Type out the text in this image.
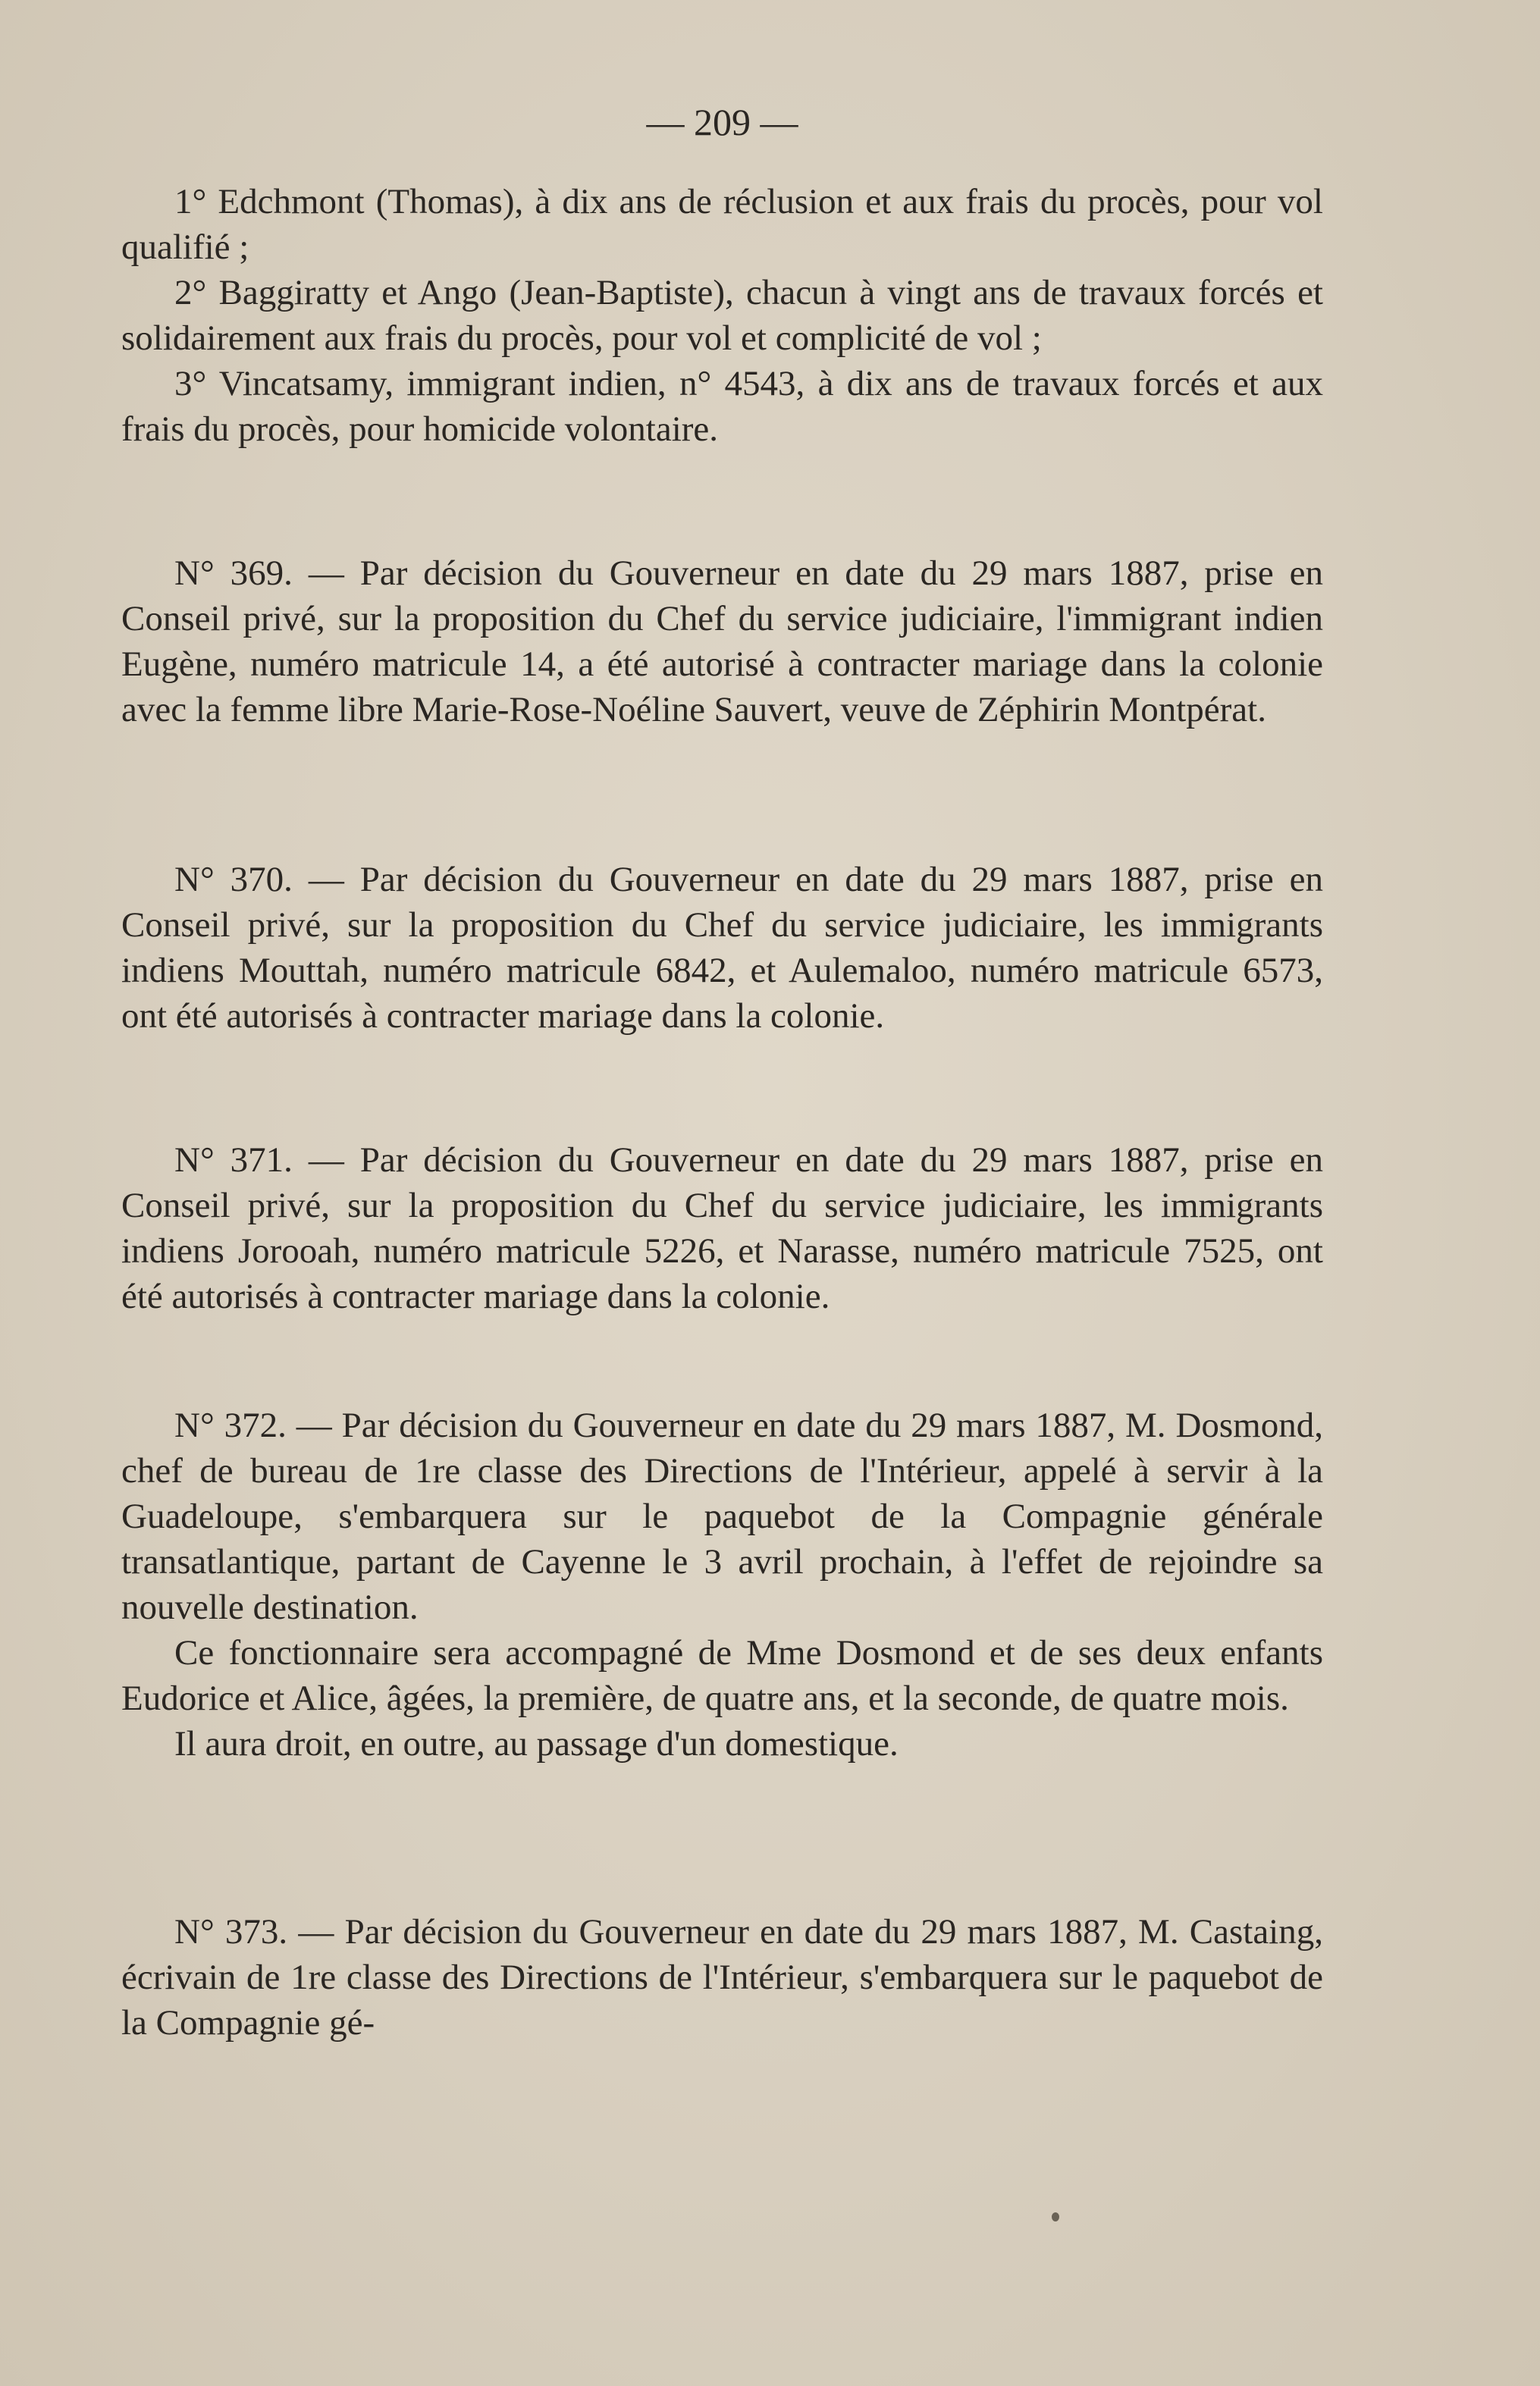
— 209 —

1° Edchmont (Thomas), à dix ans de réclusion et aux frais du procès, pour vol qualifié ;

2° Baggiratty et Ango (Jean-Baptiste), chacun à vingt ans de travaux forcés et solidairement aux frais du procès, pour vol et complicité de vol ;

3° Vincatsamy, immigrant indien, n° 4543, à dix ans de travaux forcés et aux frais du procès, pour homicide volontaire.

N° 369. — Par décision du Gouverneur en date du 29 mars 1887, prise en Conseil privé, sur la proposition du Chef du service judiciaire, l'immigrant indien Eugène, numéro matricule 14, a été autorisé à contracter mariage dans la colonie avec la femme libre Marie-Rose-Noéline Sauvert, veuve de Zéphirin Montpérat.

N° 370. — Par décision du Gouverneur en date du 29 mars 1887, prise en Conseil privé, sur la proposition du Chef du service judiciaire, les immigrants indiens Mouttah, numéro matricule 6842, et Aulemaloo, numéro matricule 6573, ont été autorisés à contracter mariage dans la colonie.

N° 371. — Par décision du Gouverneur en date du 29 mars 1887, prise en Conseil privé, sur la proposition du Chef du service judiciaire, les immigrants indiens Jorooah, numéro matricule 5226, et Narasse, numéro matricule 7525, ont été autorisés à contracter mariage dans la colonie.

N° 372. — Par décision du Gouverneur en date du 29 mars 1887, M. Dosmond, chef de bureau de 1re classe des Directions de l'Intérieur, appelé à servir à la Guadeloupe, s'embarquera sur le paquebot de la Compagnie générale transatlantique, partant de Cayenne le 3 avril prochain, à l'effet de rejoindre sa nouvelle destination.

Ce fonctionnaire sera accompagné de Mme Dosmond et de ses deux enfants Eudorice et Alice, âgées, la première, de quatre ans, et la seconde, de quatre mois.

Il aura droit, en outre, au passage d'un domestique.

N° 373. — Par décision du Gouverneur en date du 29 mars 1887, M. Castaing, écrivain de 1re classe des Directions de l'Intérieur, s'embarquera sur le paquebot de la Compagnie gé-
